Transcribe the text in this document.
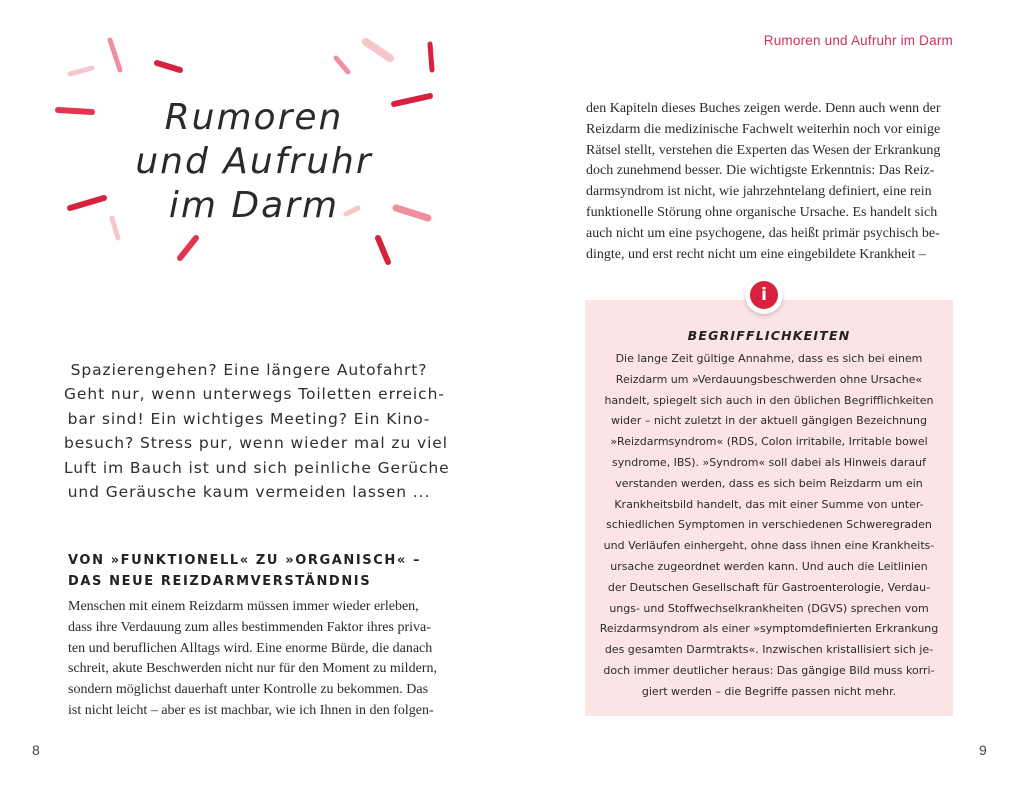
Rumoren
und Aufruhr
im Darm
Spazierengehen? Eine längere Autofahrt?
Geht nur, wenn unterwegs Toiletten erreich-
bar sind! Ein wichtiges Meeting? Ein Kino-
besuch? Stress pur, wenn wieder mal zu viel
Luft im Bauch ist und sich peinliche Gerüche
und Geräusche kaum vermeiden lassen ...
VON »FUNKTIONELL« ZU »ORGANISCH« –
DAS NEUE REIZDARMVERSTÄNDNIS
Menschen mit einem Reizdarm müssen immer wieder erleben,
dass ihre Verdauung zum alles bestimmenden Faktor ihres priva-
ten und beruflichen Alltags wird. Eine enorme Bürde, die danach
schreit, akute Beschwerden nicht nur für den Moment zu mildern,
sondern möglichst dauerhaft unter Kontrolle zu bekommen. Das
ist nicht leicht – aber es ist machbar, wie ich Ihnen in den folgen-
8
Rumoren und Aufruhr im Darm
den Kapiteln dieses Buches zeigen werde. Denn auch wenn der
Reizdarm die medizinische Fachwelt weiterhin noch vor einige
Rätsel stellt, verstehen die Experten das Wesen der Erkrankung
doch zunehmend besser. Die wichtigste Erkenntnis: Das Reiz-
darmsyndrom ist nicht, wie jahrzehntelang definiert, eine rein
funktionelle Störung ohne organische Ursache. Es handelt sich
auch nicht um eine psychogene, das heißt primär psychisch be-
dingte, und erst recht nicht um eine eingebildete Krankheit –
i
BEGRIFFLICHKEITEN
Die lange Zeit gültige Annahme, dass es sich bei einem
Reizdarm um »Verdauungsbeschwerden ohne Ursache«
handelt, spiegelt sich auch in den üblichen Begrifflichkeiten
wider – nicht zuletzt in der aktuell gängigen Bezeichnung
»Reizdarmsyndrom« (RDS, Colon irritabile, Irritable bowel
syndrome, IBS). »Syndrom« soll dabei als Hinweis darauf
verstanden werden, dass es sich beim Reizdarm um ein
Krankheitsbild handelt, das mit einer Summe von unter-
schiedlichen Symptomen in verschiedenen Schweregraden
und Verläufen einhergeht, ohne dass ihnen eine Krankheits-
ursache zugeordnet werden kann. Und auch die Leitlinien
der Deutschen Gesellschaft für Gastroenterologie, Verdau-
ungs- und Stoffwechselkrankheiten (DGVS) sprechen vom
Reizdarmsyndrom als einer »symptomdefinierten Erkrankung
des gesamten Darmtrakts«. Inzwischen kristallisiert sich je-
doch immer deutlicher heraus: Das gängige Bild muss korri-
giert werden – die Begriffe passen nicht mehr.
9
